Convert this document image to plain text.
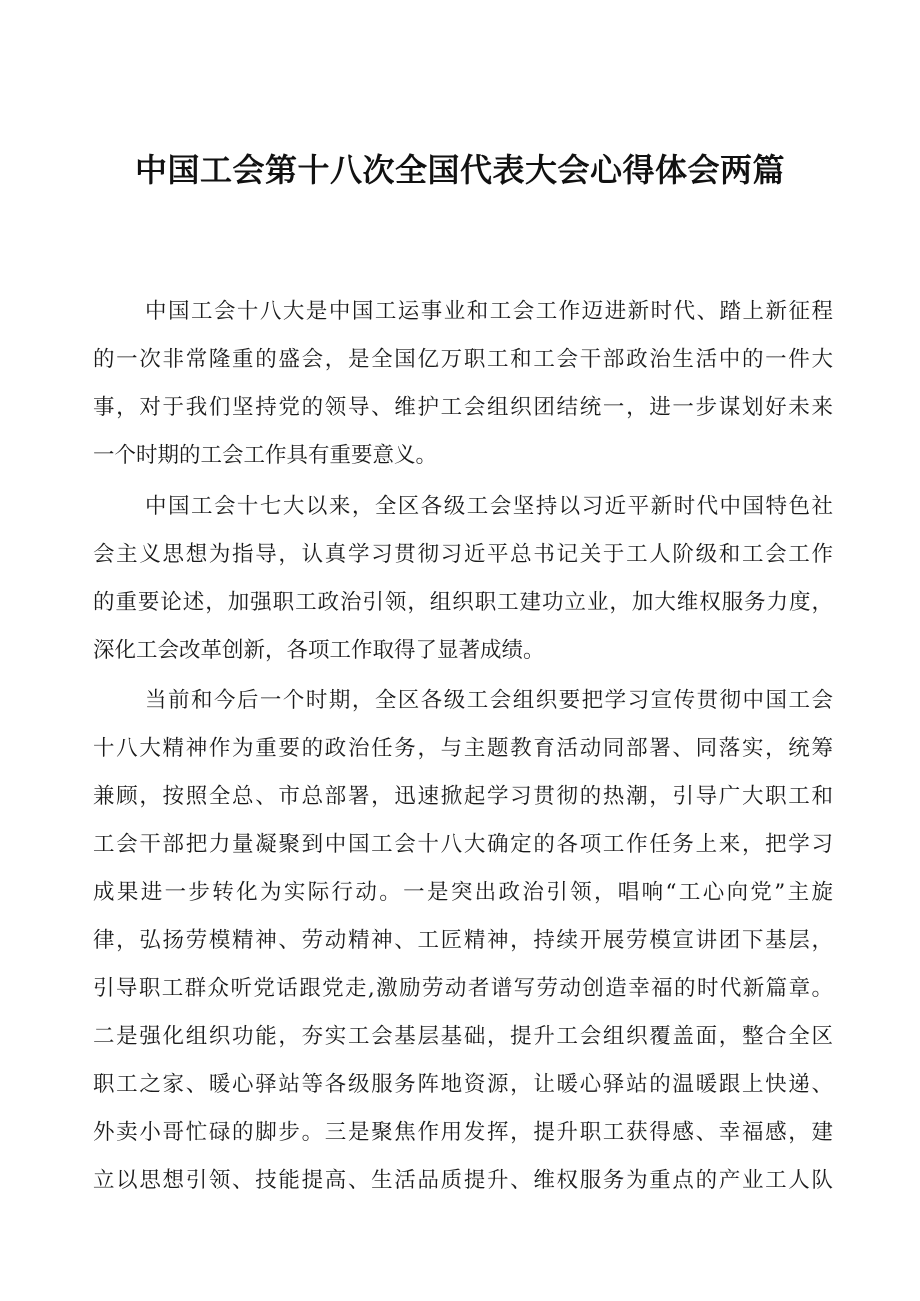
中国工会第十八次全国代表大会心得体会两篇
中国工会十八大是中国工运事业和工会工作迈进新时代、踏上新征程
的一次非常隆重的盛会，是全国亿万职工和工会干部政治生活中的一件大
事，对于我们坚持党的领导、维护工会组织团结统一，进一步谋划好未来
一个时期的工会工作具有重要意义。
中国工会十七大以来，全区各级工会坚持以习近平新时代中国特色社
会主义思想为指导，认真学习贯彻习近平总书记关于工人阶级和工会工作
的重要论述，加强职工政治引领，组织职工建功立业，加大维权服务力度，
深化工会改革创新，各项工作取得了显著成绩。
当前和今后一个时期，全区各级工会组织要把学习宣传贯彻中国工会
十八大精神作为重要的政治任务，与主题教育活动同部署、同落实，统筹
兼顾，按照全总、市总部署，迅速掀起学习贯彻的热潮，引导广大职工和
工会干部把力量凝聚到中国工会十八大确定的各项工作任务上来，把学习
成果进一步转化为实际行动。一是突出政治引领，唱响“工心向党”主旋
律，弘扬劳模精神、劳动精神、工匠精神，持续开展劳模宣讲团下基层，
引导职工群众听党话跟党走,激励劳动者谱写劳动创造幸福的时代新篇章。
二是强化组织功能，夯实工会基层基础，提升工会组织覆盖面，整合全区
职工之家、暖心驿站等各级服务阵地资源，让暖心驿站的温暖跟上快递、
外卖小哥忙碌的脚步。三是聚焦作用发挥，提升职工获得感、幸福感，建
立以思想引领、技能提高、生活品质提升、维权服务为重点的产业工人队
